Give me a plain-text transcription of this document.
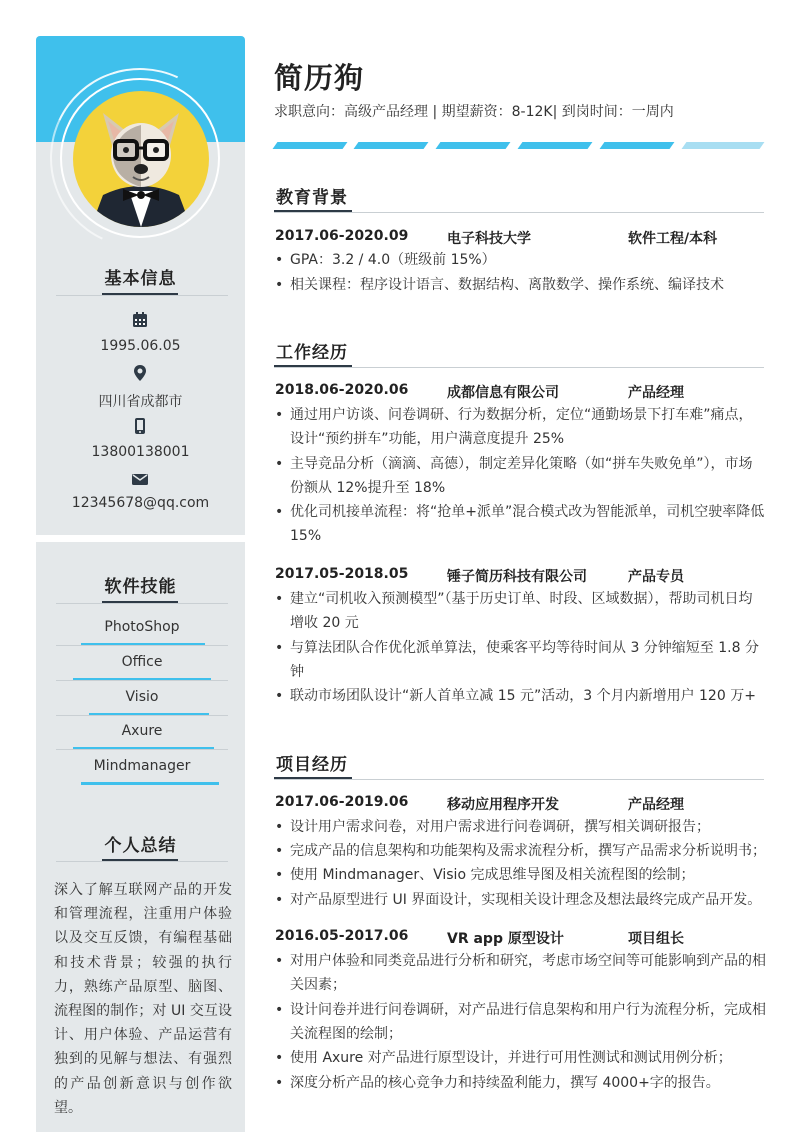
基本信息
1995.06.05
四川省成都市
13800138001
12345678@qq.com
软件技能
PhotoShop
Office
Visio
Axure
Mindmanager
个人总结
深入了解互联网产品的开发和管理流程，注重用户体验以及交互反馈，有编程基础和技术背景；较强的执行力，熟练产品原型、脑图、流程图的制作；对 UI 交互设计、用户体验、产品运营有独到的见解与想法、有强烈的产品创新意识与创作欲望。
简历狗
求职意向：高级产品经理 | 期望薪资：8-12K| 到岗时间：一周内
教育背景
2017.06-2020.09	电子科技大学	软件工程/本科
• GPA：3.2 / 4.0（班级前 15%）
• 相关课程：程序设计语言、数据结构、离散数学、操作系统、编译技术
工作经历
2018.06-2020.06	成都信息有限公司	产品经理
• 通过用户访谈、问卷调研、行为数据分析，定位“通勤场景下打车难”痛点，设计“预约拼车”功能，用户满意度提升 25%
• 主导竞品分析（滴滴、高德），制定差异化策略（如“拼车失败免单”），市场份额从 12%提升至 18%
• 优化司机接单流程：将“抢单+派单”混合模式改为智能派单，司机空驶率降低 15%
2017.05-2018.05	锤子简历科技有限公司	产品专员
• 建立“司机收入预测模型”（基于历史订单、时段、区域数据），帮助司机日均增收 20 元
• 与算法团队合作优化派单算法，使乘客平均等待时间从 3 分钟缩短至 1.8 分钟
• 联动市场团队设计“新人首单立减 15 元”活动，3 个月内新增用户 120 万+
项目经历
2017.06-2019.06	移动应用程序开发	产品经理
• 设计用户需求问卷，对用户需求进行问卷调研，撰写相关调研报告；
• 完成产品的信息架构和功能架构及需求流程分析，撰写产品需求分析说明书；
• 使用 Mindmanager、Visio 完成思维导图及相关流程图的绘制；
• 对产品原型进行 UI 界面设计，实现相关设计理念及想法最终完成产品开发。
2016.05-2017.06	VR app 原型设计	项目组长
• 对用户体验和同类竞品进行分析和研究，考虑市场空间等可能影响到产品的相关因素；
• 设计问卷并进行问卷调研，对产品进行信息架构和用户行为流程分析，完成相关流程图的绘制；
• 使用 Axure 对产品进行原型设计，并进行可用性测试和测试用例分析；
• 深度分析产品的核心竞争力和持续盈利能力，撰写 4000+字的报告。
